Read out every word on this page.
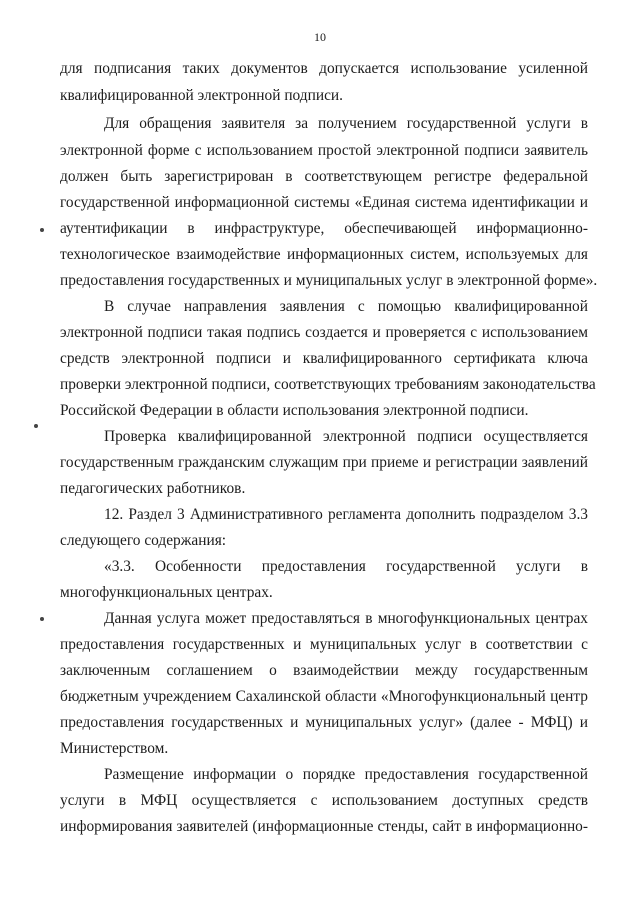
10
для подписания таких документов допускается использование усиленной
квалифицированной электронной подписи.
Для обращения заявителя за получением государственной услуги в
электронной форме с использованием простой электронной подписи заявитель
должен быть зарегистрирован в соответствующем регистре федеральной
государственной информационной системы «Единая система идентификации и
аутентификации в инфраструктуре, обеспечивающей информационно-
технологическое взаимодействие информационных систем, используемых для
предоставления государственных и муниципальных услуг в электронной форме».
В случае направления заявления с помощью квалифицированной
электронной подписи такая подпись создается и проверяется с использованием
средств электронной подписи и квалифицированного сертификата ключа
проверки электронной подписи, соответствующих требованиям законодательства
Российской Федерации в области использования электронной подписи.
Проверка квалифицированной электронной подписи осуществляется
государственным гражданским служащим при приеме и регистрации заявлений
педагогических работников.
12. Раздел 3 Административного регламента дополнить подразделом 3.3
следующего содержания:
«3.3. Особенности предоставления государственной услуги в
многофункциональных центрах.
Данная услуга может предоставляться в многофункциональных центрах
предоставления государственных и муниципальных услуг в соответствии с
заключенным соглашением о взаимодействии между государственным
бюджетным учреждением Сахалинской области «Многофункциональный центр
предоставления государственных и муниципальных услуг» (далее - МФЦ) и
Министерством.
Размещение информации о порядке предоставления государственной
услуги в МФЦ осуществляется с использованием доступных средств
информирования заявителей (информационные стенды, сайт в информационно-
